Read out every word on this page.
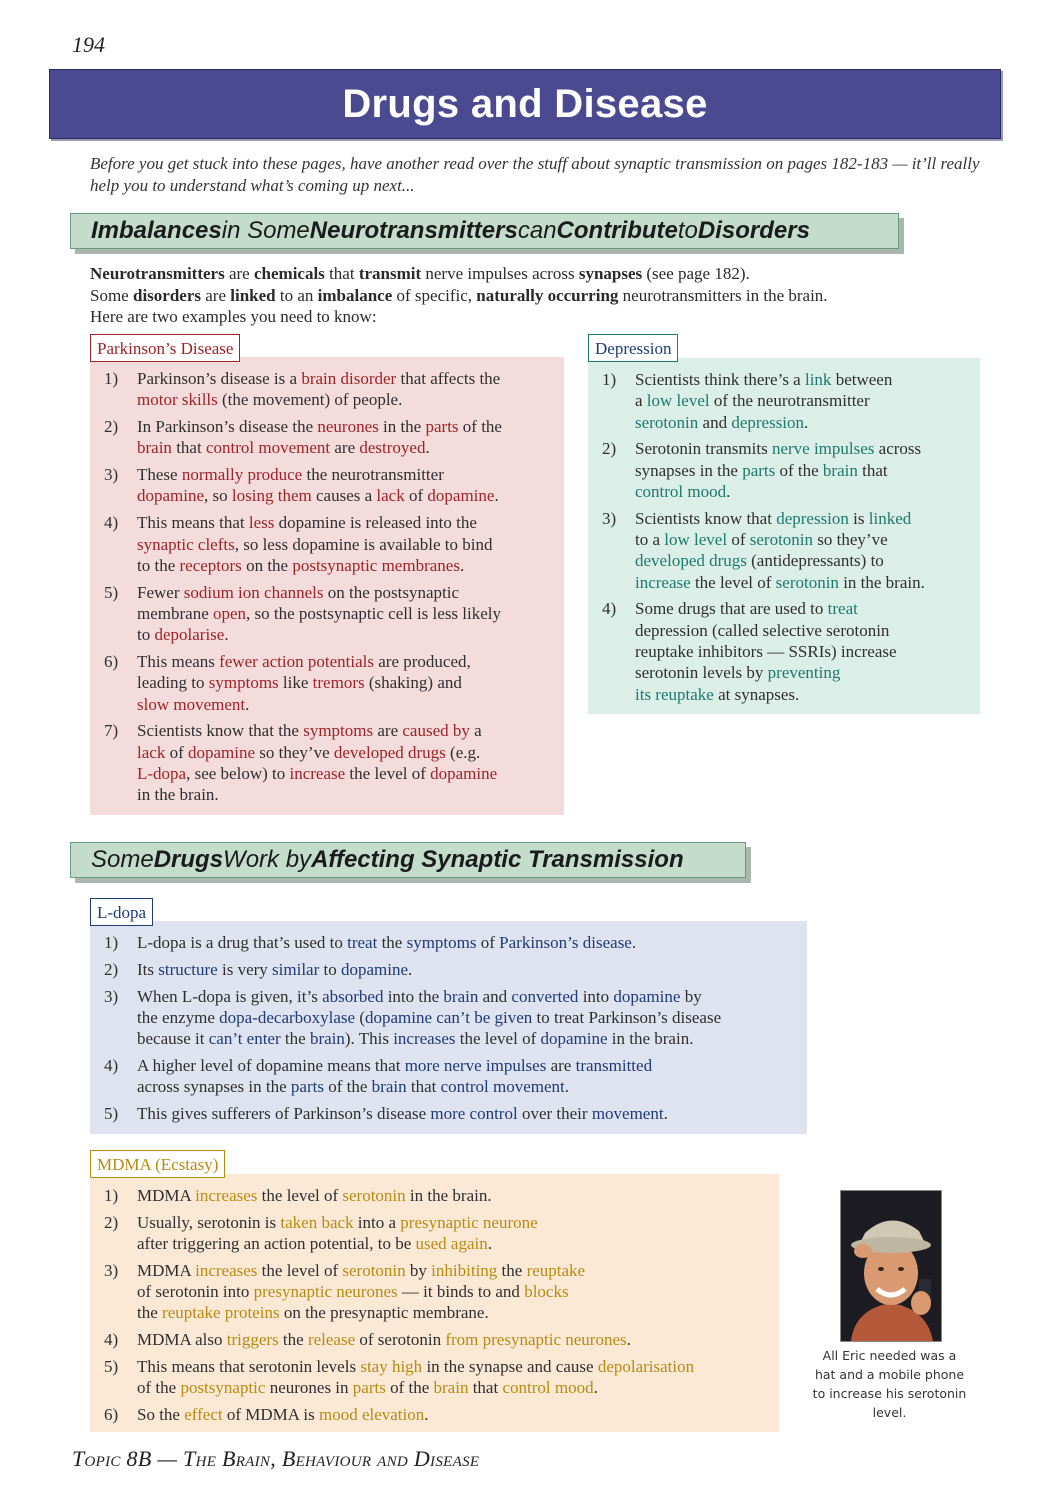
194
Drugs and Disease
Before you get stuck into these pages, have another read over the stuff about synaptic transmission on pages 182-183 — it’ll really help you to understand what’s coming up next...
Imbalances in Some Neurotransmitters can Contribute to Disorders
Neurotransmitters are chemicals that transmit nerve impulses across synapses (see page 182).
Some disorders are linked to an imbalance of specific, naturally occurring neurotransmitters in the brain.
Here are two examples you need to know:
Parkinson’s Disease
1) Parkinson’s disease is a brain disorder that affects the
motor skills (the movement) of people.
2) In Parkinson’s disease the neurones in the parts of the
brain that control movement are destroyed.
3) These normally produce the neurotransmitter
dopamine, so losing them causes a lack of dopamine.
4) This means that less dopamine is released into the
synaptic clefts, so less dopamine is available to bind
to the receptors on the postsynaptic membranes.
5) Fewer sodium ion channels on the postsynaptic
membrane open, so the postsynaptic cell is less likely
to depolarise.
6) This means fewer action potentials are produced,
leading to symptoms like tremors (shaking) and
slow movement.
7) Scientists know that the symptoms are caused by a
lack of dopamine so they’ve developed drugs (e.g.
L-dopa, see below) to increase the level of dopamine
in the brain.
Depression
1) Scientists think there’s a link between
a low level of the neurotransmitter
serotonin and depression.
2) Serotonin transmits nerve impulses across
synapses in the parts of the brain that
control mood.
3) Scientists know that depression is linked
to a low level of serotonin so they’ve
developed drugs (antidepressants) to
increase the level of serotonin in the brain.
4) Some drugs that are used to treat
depression (called selective serotonin
reuptake inhibitors — SSRIs) increase
serotonin levels by preventing
its reuptake at synapses.
Some Drugs Work by Affecting Synaptic Transmission
L-dopa
1) L-dopa is a drug that’s used to treat the symptoms of Parkinson’s disease.
2) Its structure is very similar to dopamine.
3) When L-dopa is given, it’s absorbed into the brain and converted into dopamine by
the enzyme dopa-decarboxylase (dopamine can’t be given to treat Parkinson’s disease
because it can’t enter the brain). This increases the level of dopamine in the brain.
4) A higher level of dopamine means that more nerve impulses are transmitted
across synapses in the parts of the brain that control movement.
5) This gives sufferers of Parkinson’s disease more control over their movement.
MDMA (Ecstasy)
1) MDMA increases the level of serotonin in the brain.
2) Usually, serotonin is taken back into a presynaptic neurone
after triggering an action potential, to be used again.
3) MDMA increases the level of serotonin by inhibiting the reuptake
of serotonin into presynaptic neurones — it binds to and blocks
the reuptake proteins on the presynaptic membrane.
4) MDMA also triggers the release of serotonin from presynaptic neurones.
5) This means that serotonin levels stay high in the synapse and cause depolarisation
of the postsynaptic neurones in parts of the brain that control mood.
6) So the effect of MDMA is mood elevation.
All Eric needed was a hat and a mobile phone to increase his serotonin level.
Topic 8B — The Brain, Behaviour and Disease
